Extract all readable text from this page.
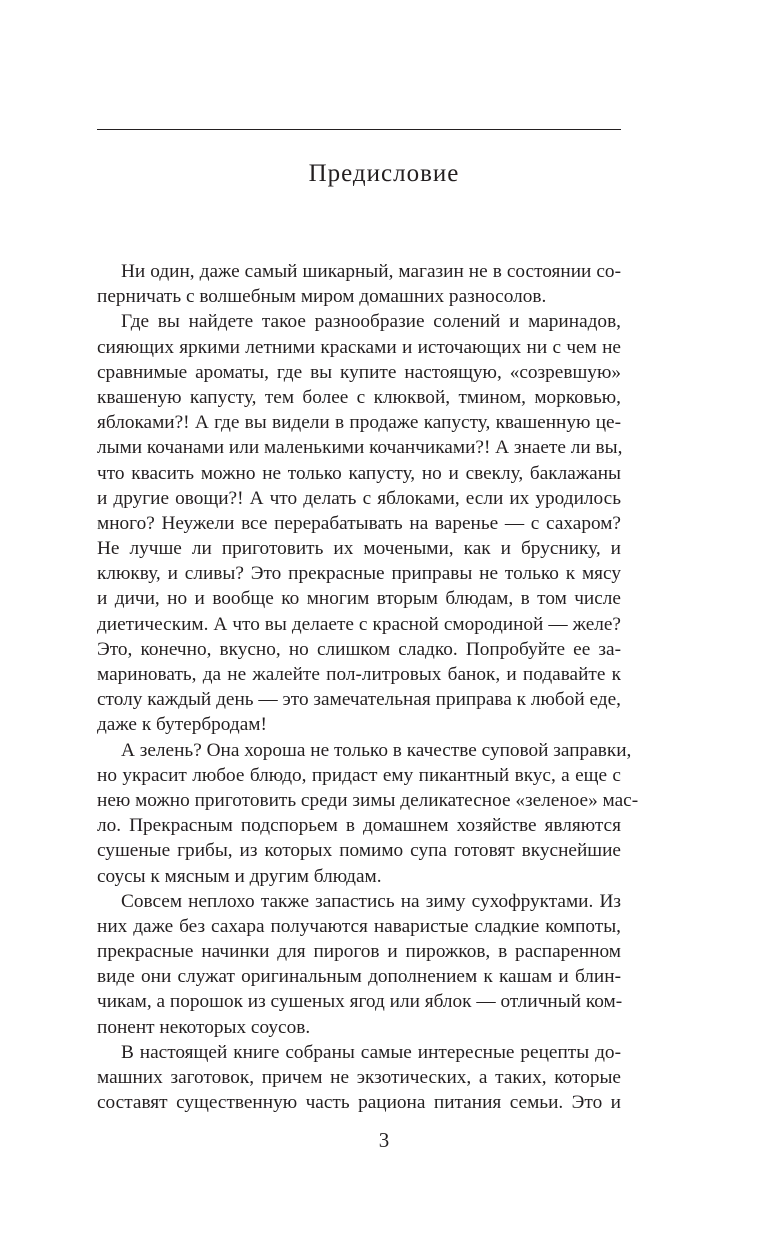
Предисловие
Ни один, даже самый шикарный, магазин не в состоянии со-
перничать с волшебным миром домашних разносолов.
Где вы найдете такое разнообразие солений и маринадов,
сияющих яркими летними красками и источающих ни с чем не
сравнимые ароматы, где вы купите настоящую, «созревшую»
квашеную капусту, тем более с клюквой, тмином, морковью,
яблоками?! А где вы видели в продаже капусту, квашенную це-
лыми кочанами или маленькими кочанчиками?! А знаете ли вы,
что квасить можно не только капусту, но и свеклу, баклажаны
и другие овощи?! А что делать с яблоками, если их уродилось
много? Неужели все перерабатывать на варенье — с сахаром?
Не лучше ли приготовить их мочеными, как и бруснику, и
клюкву, и сливы? Это прекрасные приправы не только к мясу
и дичи, но и вообще ко многим вторым блюдам, в том числе
диетическим. А что вы делаете с красной смородиной — желе?
Это, конечно, вкусно, но слишком сладко. Попробуйте ее за-
мариновать, да не жалейте пол-литровых банок, и подавайте к
столу каждый день — это замечательная приправа к любой еде,
даже к бутербродам!
А зелень? Она хороша не только в качестве суповой заправки,
но украсит любое блюдо, придаст ему пикантный вкус, а еще с
нею можно приготовить среди зимы деликатесное «зеленое» мас-
ло. Прекрасным подспорьем в домашнем хозяйстве являются
сушеные грибы, из которых помимо супа готовят вкуснейшие
соусы к мясным и другим блюдам.
Совсем неплохо также запастись на зиму сухофруктами. Из
них даже без сахара получаются наваристые сладкие компоты,
прекрасные начинки для пирогов и пирожков, в распаренном
виде они служат оригинальным дополнением к кашам и блин-
чикам, а порошок из сушеных ягод или яблок — отличный ком-
понент некоторых соусов.
В настоящей книге собраны самые интересные рецепты до-
машних заготовок, причем не экзотических, а таких, которые
составят существенную часть рациона питания семьи. Это и
3
